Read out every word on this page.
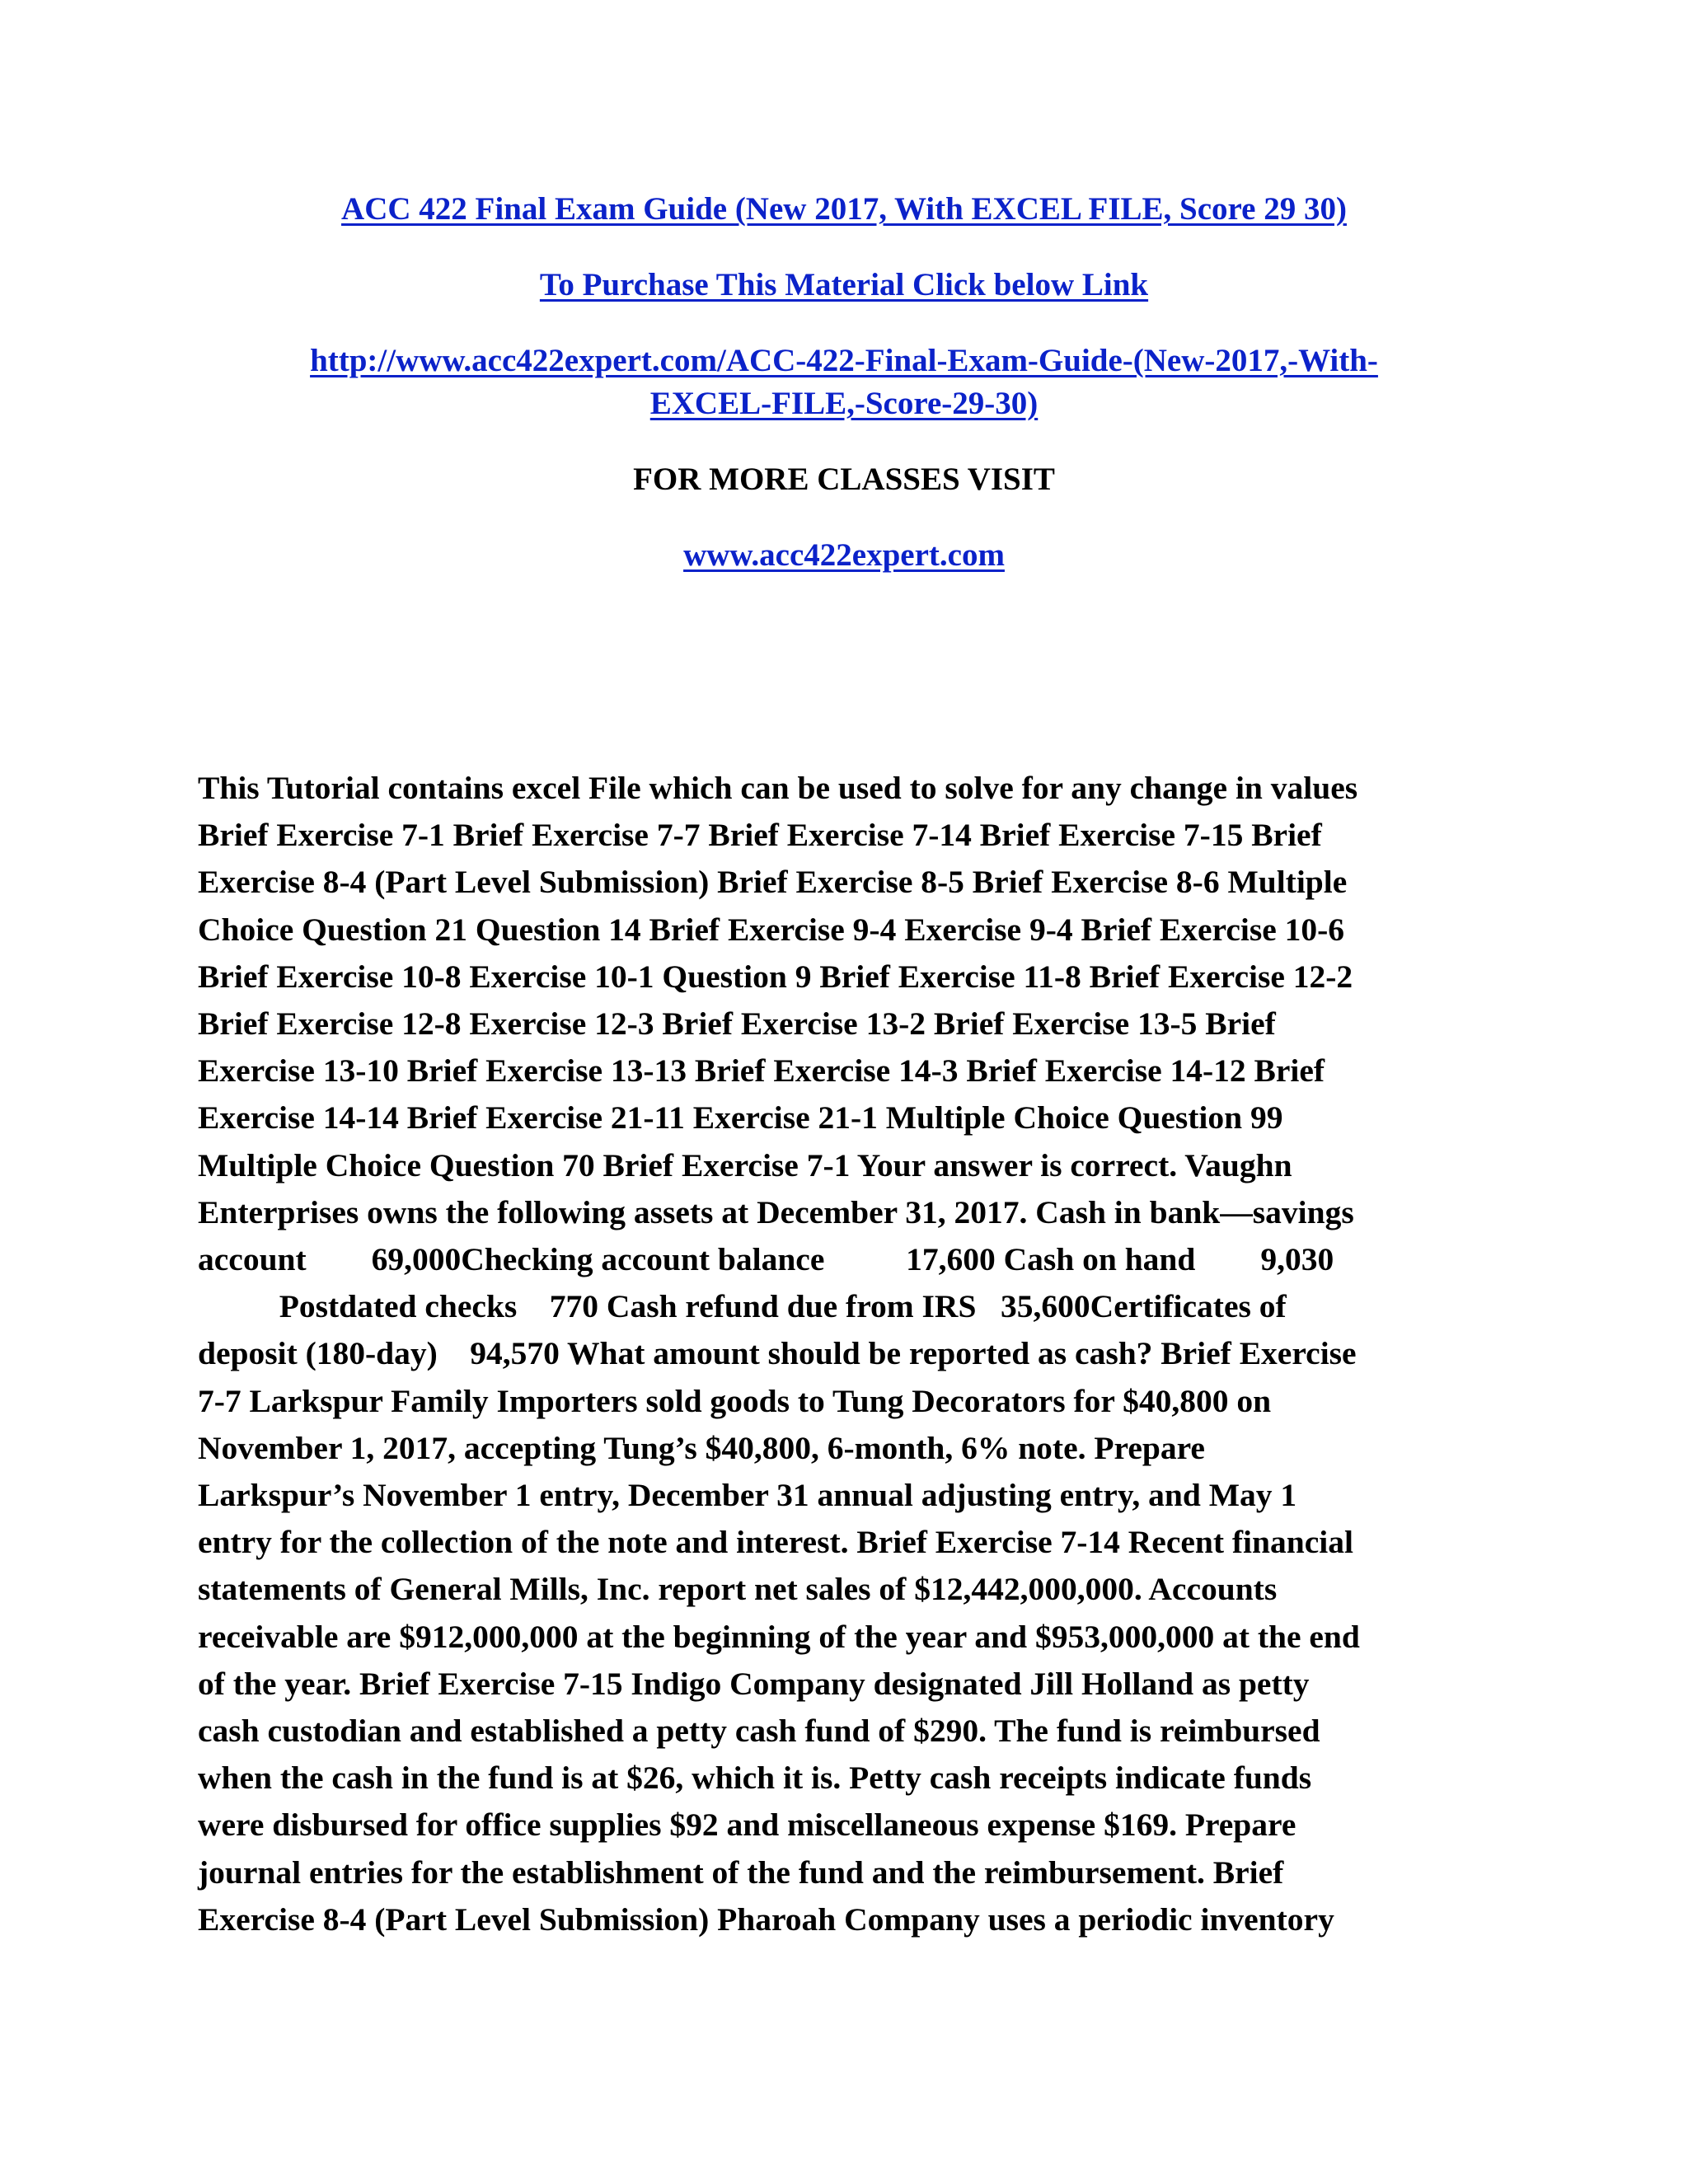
ACC 422 Final Exam Guide (New 2017, With EXCEL FILE, Score 29 30)
To Purchase This Material Click below Link
http://www.acc422expert.com/ACC-422-Final-Exam-Guide-(New-2017,-With-
EXCEL-FILE,-Score-29-30)
FOR MORE CLASSES VISIT
www.acc422expert.com
This Tutorial contains excel File which can be used to solve for any change in values
Brief Exercise 7-1 Brief Exercise 7-7 Brief Exercise 7-14 Brief Exercise 7-15 Brief
Exercise 8-4 (Part Level Submission) Brief Exercise 8-5 Brief Exercise 8-6 Multiple
Choice Question 21 Question 14 Brief Exercise 9-4 Exercise 9-4 Brief Exercise 10-6
Brief Exercise 10-8 Exercise 10-1 Question 9 Brief Exercise 11-8 Brief Exercise 12-2
Brief Exercise 12-8 Exercise 12-3 Brief Exercise 13-2 Brief Exercise 13-5 Brief
Exercise 13-10 Brief Exercise 13-13 Brief Exercise 14-3 Brief Exercise 14-12 Brief
Exercise 14-14 Brief Exercise 21-11 Exercise 21-1 Multiple Choice Question 99
Multiple Choice Question 70 Brief Exercise 7-1 Your answer is correct. Vaughn
Enterprises owns the following assets at December 31, 2017. Cash in bank—savings
account        69,000Checking account balance          17,600 Cash on hand        9,030
Postdated checks    770 Cash refund due from IRS   35,600Certificates of
deposit (180-day)    94,570 What amount should be reported as cash? Brief Exercise
7-7 Larkspur Family Importers sold goods to Tung Decorators for $40,800 on
November 1, 2017, accepting Tung’s $40,800, 6-month, 6% note. Prepare
Larkspur’s November 1 entry, December 31 annual adjusting entry, and May 1
entry for the collection of the note and interest. Brief Exercise 7-14 Recent financial
statements of General Mills, Inc. report net sales of $12,442,000,000. Accounts
receivable are $912,000,000 at the beginning of the year and $953,000,000 at the end
of the year. Brief Exercise 7-15 Indigo Company designated Jill Holland as petty
cash custodian and established a petty cash fund of $290. The fund is reimbursed
when the cash in the fund is at $26, which it is. Petty cash receipts indicate funds
were disbursed for office supplies $92 and miscellaneous expense $169. Prepare
journal entries for the establishment of the fund and the reimbursement. Brief
Exercise 8-4 (Part Level Submission) Pharoah Company uses a periodic inventory
